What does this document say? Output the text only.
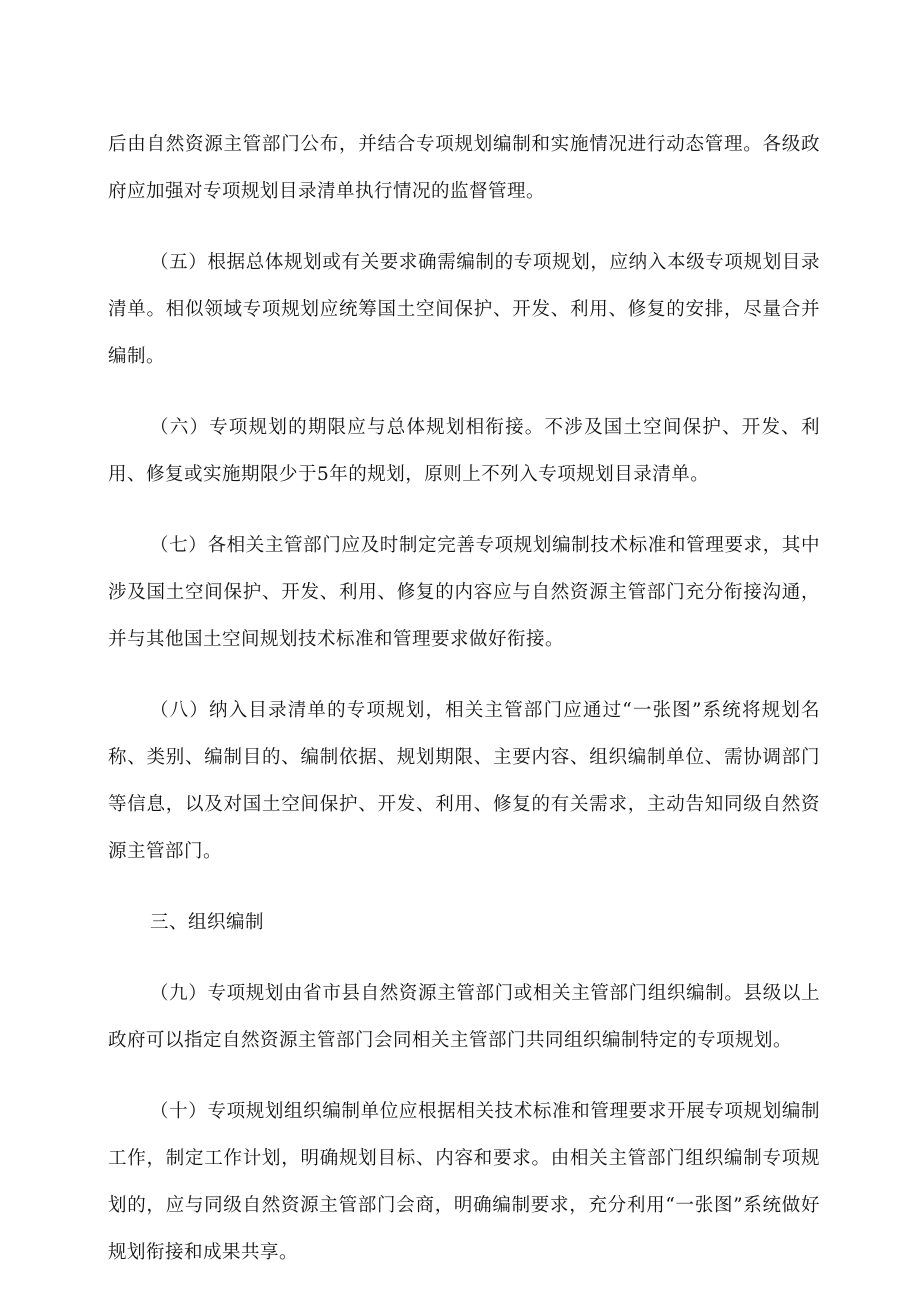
后由自然资源主管部门公布，并结合专项规划编制和实施情况进行动态管理。各级政府应加强对专项规划目录清单执行情况的监督管理。

（五）根据总体规划或有关要求确需编制的专项规划，应纳入本级专项规划目录清单。相似领域专项规划应统筹国土空间保护、开发、利用、修复的安排，尽量合并编制。

（六）专项规划的期限应与总体规划相衔接。不涉及国土空间保护、开发、利用、修复或实施期限少于5年的规划，原则上不列入专项规划目录清单。

（七）各相关主管部门应及时制定完善专项规划编制技术标准和管理要求，其中涉及国土空间保护、开发、利用、修复的内容应与自然资源主管部门充分衔接沟通，并与其他国土空间规划技术标准和管理要求做好衔接。

（八）纳入目录清单的专项规划，相关主管部门应通过“一张图”系统将规划名称、类别、编制目的、编制依据、规划期限、主要内容、组织编制单位、需协调部门等信息，以及对国土空间保护、开发、利用、修复的有关需求，主动告知同级自然资源主管部门。

三、组织编制

（九）专项规划由省市县自然资源主管部门或相关主管部门组织编制。县级以上政府可以指定自然资源主管部门会同相关主管部门共同组织编制特定的专项规划。

（十）专项规划组织编制单位应根据相关技术标准和管理要求开展专项规划编制工作，制定工作计划，明确规划目标、内容和要求。由相关主管部门组织编制专项规划的，应与同级自然资源主管部门会商，明确编制要求，充分利用“一张图”系统做好规划衔接和成果共享。
